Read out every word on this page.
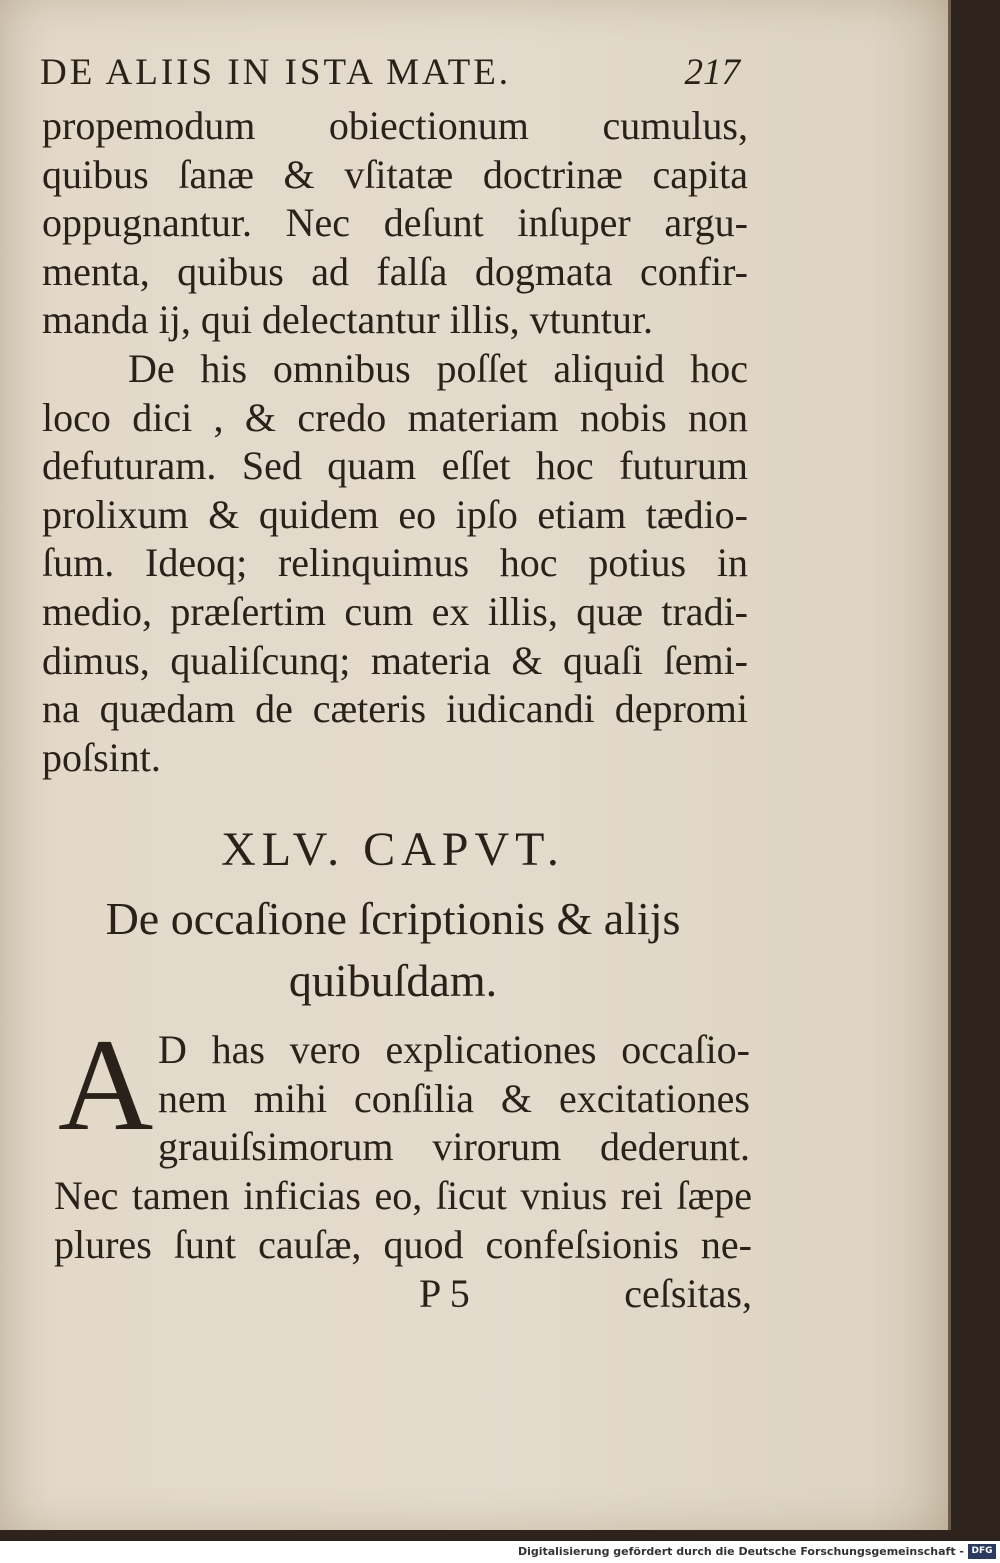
DE ALIIS IN ISTA MATE.	217
propemodum obiectionum cumulus,
quibus ſanæ & vſitatæ doctrinæ capita
oppugnantur. Nec deſunt inſuper argu-
menta, quibus ad falſa dogmata confir-
manda ij, qui delectantur illis, vtuntur.
De his omnibus poſſet aliquid hoc
loco dici , & credo materiam nobis non
defuturam. Sed quam eſſet hoc futurum
prolixum & quidem eo ipſo etiam tædio-
ſum. Ideoq; relinquimus hoc potius in
medio, præſertim cum ex illis, quæ tradi-
dimus, qualiſcunq; materia & quaſi ſemi-
na quædam de cæteris iudicandi depromi
poſsint.
XLV. CAPVT.
De occaſione ſcriptionis & alijs
quibuſdam.
A D has vero explicationes occaſio-
nem mihi conſilia & excitationes
grauiſsimorum virorum dederunt.
Nec tamen inficias eo, ſicut vnius rei ſæpe
plures ſunt cauſæ, quod confeſsionis ne-
P 5	ceſsitas,
Digitalisierung gefördert durch die Deutsche Forschungsgemeinschaft - DFG
